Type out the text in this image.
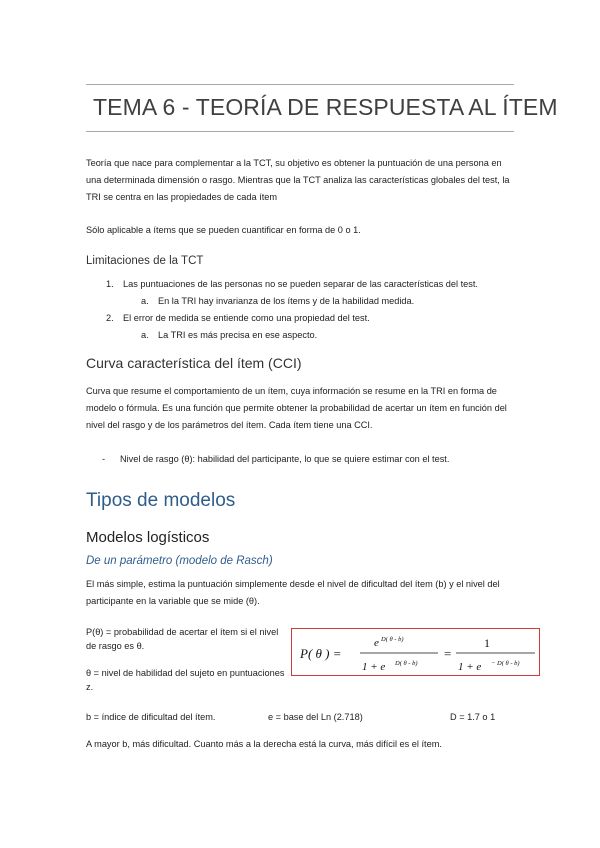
TEMA 6 - TEORÍA DE RESPUESTA AL ÍTEM

Teoría que nace para complementar a la TCT, su objetivo es obtener la puntuación de una persona en una determinada dimensión o rasgo. Mientras que la TCT analiza las características globales del test, la TRI se centra en las propiedades de cada ítem

Sólo aplicable a ítems que se pueden cuantificar en forma de 0 o 1.

Limitaciones de la TCT
1. Las puntuaciones de las personas no se pueden separar de las características del test.
a. En la TRI hay invarianza de los ítems y de la habilidad medida.
2. El error de medida se entiende como una propiedad del test.
a. La TRI es más precisa en ese aspecto.
Curva característica del ítem (CCI)

Curva que resume el comportamiento de un ítem, cuya información se resume en la TRI en forma de modelo o fórmula. Es una función que permite obtener la probabilidad de acertar un ítem en función del nivel del rasgo y de los parámetros del ítem. Cada ítem tiene una CCI.

- Nivel de rasgo (θ): habilidad del participante, lo que se quiere estimar con el test.
Tipos de modelos
Modelos logísticos
De un parámetro (modelo de Rasch)

El más simple, estima la puntuación simplemente desde el nivel de dificultad del ítem (b) y el nivel del participante en la variable que se mide (θ).

P(θ) = probabilidad de acertar el ítem si el nivel de rasgo es θ.
θ = nivel de habilidad del sujeto en puntuaciones z.
P( θ ) =
e D( θ - b)
1 + e D( θ - b)
=
1
1 + e − D( θ - b)
b = índice de dificultad del ítem.	e = base del Ln (2.718)	D = 1.7 o 1

A mayor b, más dificultad. Cuanto más a la derecha está la curva, más difícil es el ítem.
